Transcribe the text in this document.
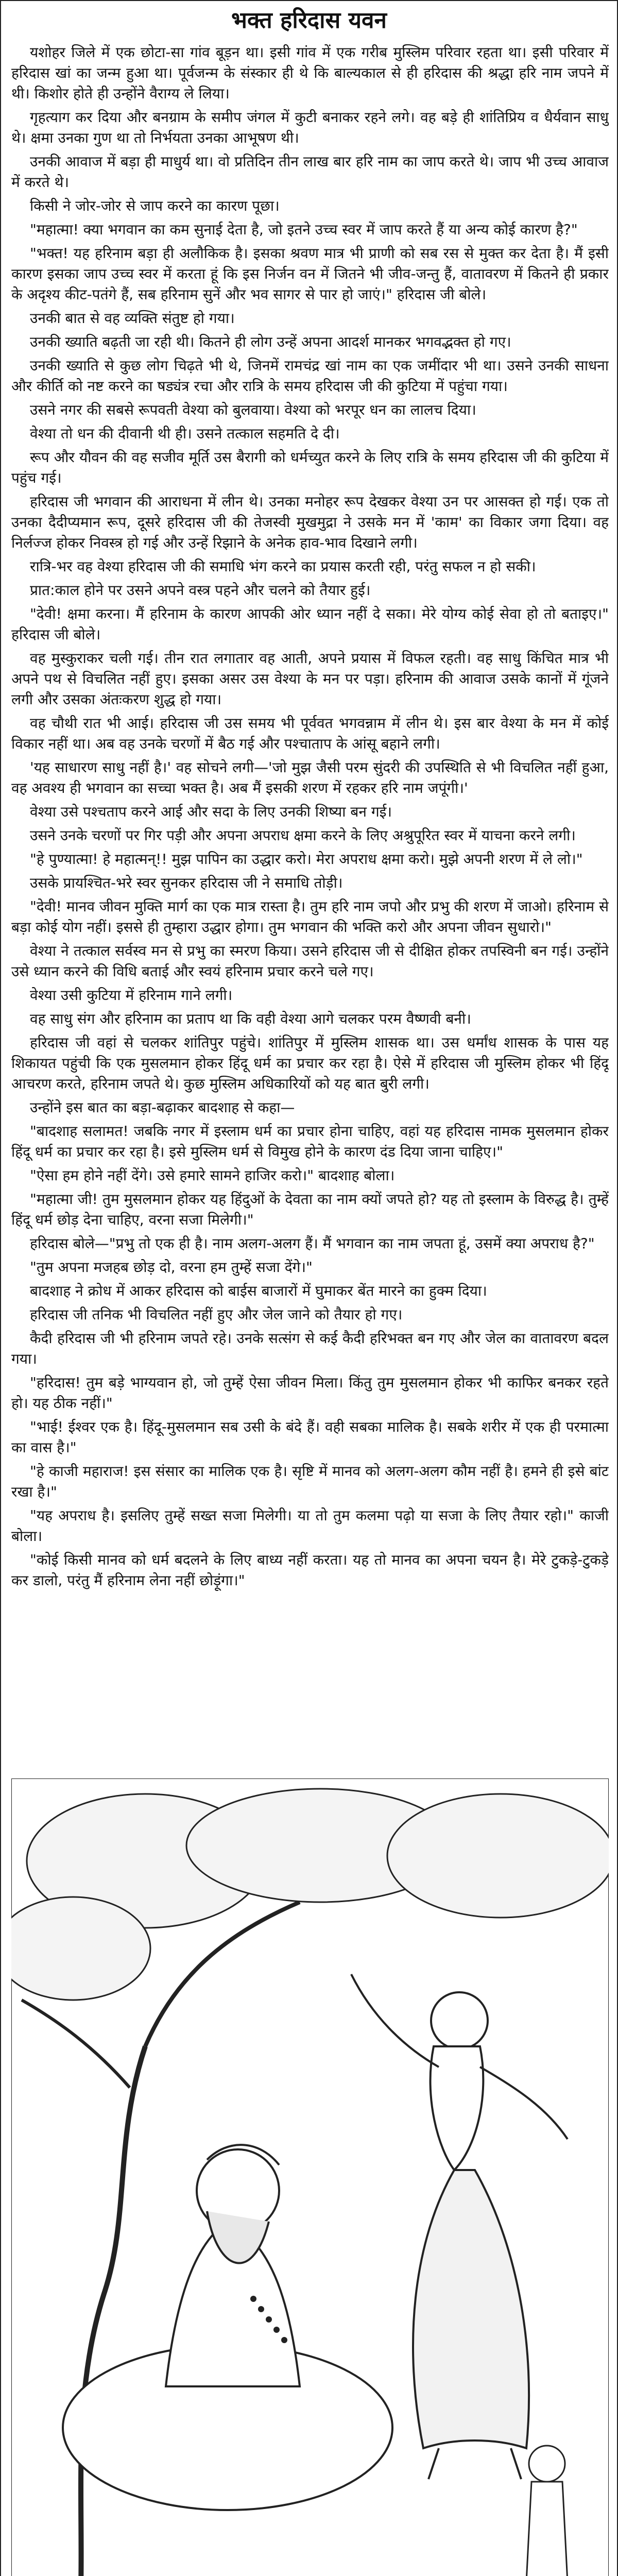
भक्त हरिदास यवन

यशोहर जिले में एक छोटा-सा गांव बूड़न था। इसी गांव में एक गरीब मुस्लिम परिवार रहता था। इसी परिवार में हरिदास खां का जन्म हुआ था। पूर्वजन्म के संस्कार ही थे कि बाल्यकाल से ही हरिदास की श्रद्धा हरि नाम जपने में थी। किशोर होते ही उन्होंने वैराग्य ले लिया।

गृहत्याग कर दिया और बनग्राम के समीप जंगल में कुटी बनाकर रहने लगे। वह बड़े ही शांतिप्रिय व धैर्यवान साधु थे। क्षमा उनका गुण था तो निर्भयता उनका आभूषण थी।

उनकी आवाज में बड़ा ही माधुर्य था। वो प्रतिदिन तीन लाख बार हरि नाम का जाप करते थे। जाप भी उच्च आवाज में करते थे।

किसी ने जोर-जोर से जाप करने का कारण पूछा।

"महात्मा! क्या भगवान का कम सुनाई देता है, जो इतने उच्च स्वर में जाप करते हैं या अन्य कोई कारण है?"

"भक्त! यह हरिनाम बड़ा ही अलौकिक है। इसका श्रवण मात्र भी प्राणी को सब रस से मुक्त कर देता है। मैं इसी कारण इसका जाप उच्च स्वर में करता हूं कि इस निर्जन वन में जितने भी जीव-जन्तु हैं, वातावरण में कितने ही प्रकार के अदृश्य कीट-पतंगे हैं, सब हरिनाम सुनें और भव सागर से पार हो जाएं।" हरिदास जी बोले।

उनकी बात से वह व्यक्ति संतुष्ट हो गया।

उनकी ख्याति बढ़ती जा रही थी। कितने ही लोग उन्हें अपना आदर्श मानकर भगवद्भक्त हो गए।

उनकी ख्याति से कुछ लोग चिढ़ते भी थे, जिनमें रामचंद्र खां नाम का एक जमींदार भी था। उसने उनकी साधना और कीर्ति को नष्ट करने का षड्यंत्र रचा और रात्रि के समय हरिदास जी की कुटिया में पहुंचा गया।

उसने नगर की सबसे रूपवती वेश्या को बुलवाया। वेश्या को भरपूर धन का लालच दिया।

वेश्या तो धन की दीवानी थी ही। उसने तत्काल सहमति दे दी।

रूप और यौवन की वह सजीव मूर्ति उस बैरागी को धर्मच्युत करने के लिए रात्रि के समय हरिदास जी की कुटिया में पहुंच गई।

हरिदास जी भगवान की आराधना में लीन थे। उनका मनोहर रूप देखकर वेश्या उन पर आसक्त हो गई। एक तो उनका दैदीप्यमान रूप, दूसरे हरिदास जी की तेजस्वी मुखमुद्रा ने उसके मन में 'काम' का विकार जगा दिया। वह निर्लज्ज होकर निवस्त्र हो गई और उन्हें रिझाने के अनेक हाव-भाव दिखाने लगी।

रात्रि-भर वह वेश्या हरिदास जी की समाधि भंग करने का प्रयास करती रही, परंतु सफल न हो सकी।

प्रात:काल होने पर उसने अपने वस्त्र पहने और चलने को तैयार हुई।

"देवी! क्षमा करना। मैं हरिनाम के कारण आपकी ओर ध्यान नहीं दे सका। मेरे योग्य कोई सेवा हो तो बताइए।" हरिदास जी बोले।

वह मुस्कुराकर चली गई। तीन रात लगातार वह आती, अपने प्रयास में विफल रहती। वह साधु किंचित मात्र भी अपने पथ से विचलित नहीं हुए। इसका असर उस वेश्या के मन पर पड़ा। हरिनाम की आवाज उसके कानों में गूंजने लगी और उसका अंतःकरण शुद्ध हो गया।

वह चौथी रात भी आई। हरिदास जी उस समय भी पूर्ववत भगवन्नाम में लीन थे। इस बार वेश्या के मन में कोई विकार नहीं था। अब वह उनके चरणों में बैठ गई और पश्चाताप के आंसू बहाने लगी।

'यह साधारण साधु नहीं है।' वह सोचने लगी—'जो मुझ जैसी परम सुंदरी की उपस्थिति से भी विचलित नहीं हुआ, वह अवश्य ही भगवान का सच्चा भक्त है। अब मैं इसकी शरण में रहकर हरि नाम जपूंगी।'

वेश्या उसे पश्चताप करने आई और सदा के लिए उनकी शिष्या बन गई।

उसने उनके चरणों पर गिर पड़ी और अपना अपराध क्षमा करने के लिए अश्रुपूरित स्वर में याचना करने लगी।

"हे पुण्यात्मा! हे महात्मन्!! मुझ पापिन का उद्धार करो। मेरा अपराध क्षमा करो। मुझे अपनी शरण में ले लो।"

उसके प्रायश्चित-भरे स्वर सुनकर हरिदास जी ने समाधि तोड़ी।

"देवी! मानव जीवन मुक्ति मार्ग का एक मात्र रास्ता है। तुम हरि नाम जपो और प्रभु की शरण में जाओ। हरिनाम से बड़ा कोई योग नहीं। इससे ही तुम्हारा उद्धार होगा। तुम भगवान की भक्ति करो और अपना जीवन सुधारो।"

वेश्या ने तत्काल सर्वस्व मन से प्रभु का स्मरण किया। उसने हरिदास जी से दीक्षित होकर तपस्विनी बन गई। उन्होंने उसे ध्यान करने की विधि बताई और स्वयं हरिनाम प्रचार करने चले गए।

वेश्या उसी कुटिया में हरिनाम गाने लगी।

वह साधु संग और हरिनाम का प्रताप था कि वही वेश्या आगे चलकर परम वैष्णवी बनी।

हरिदास जी वहां से चलकर शांतिपुर पहुंचे। शांतिपुर में मुस्लिम शासक था। उस धर्मांध शासक के पास यह शिकायत पहुंची कि एक मुसलमान होकर हिंदू धर्म का प्रचार कर रहा है। ऐसे में हरिदास जी मुस्लिम होकर भी हिंदू आचरण करते, हरिनाम जपते थे। कुछ मुस्लिम अधिकारियों को यह बात बुरी लगी।

उन्होंने इस बात का बड़ा-बढ़ाकर बादशाह से कहा—

"बादशाह सलामत! जबकि नगर में इस्लाम धर्म का प्रचार होना चाहिए, वहां यह हरिदास नामक मुसलमान होकर हिंदू धर्म का प्रचार कर रहा है। इसे मुस्लिम धर्म से विमुख होने के कारण दंड दिया जाना चाहिए।"

"ऐसा हम होने नहीं देंगे। उसे हमारे सामने हाजिर करो।" बादशाह बोला।

"महात्मा जी! तुम मुसलमान होकर यह हिंदुओं के देवता का नाम क्यों जपते हो? यह तो इस्लाम के विरुद्ध है। तुम्हें हिंदू धर्म छोड़ देना चाहिए, वरना सजा मिलेगी।"

हरिदास बोले—"प्रभु तो एक ही है। नाम अलग-अलग हैं। मैं भगवान का नाम जपता हूं, उसमें क्या अपराध है?"

"तुम अपना मजहब छोड़ दो, वरना हम तुम्हें सजा देंगे।"

बादशाह ने क्रोध में आकर हरिदास को बाईस बाजारों में घुमाकर बेंत मारने का हुक्म दिया।

हरिदास जी तनिक भी विचलित नहीं हुए और जेल जाने को तैयार हो गए।

कैदी हरिदास जी भी हरिनाम जपते रहे। उनके सत्संग से कई कैदी हरिभक्त बन गए और जेल का वातावरण बदल गया।

"हरिदास! तुम बड़े भाग्यवान हो, जो तुम्हें ऐसा जीवन मिला। किंतु तुम मुसलमान होकर भी काफिर बनकर रहते हो। यह ठीक नहीं।"

"भाई! ईश्वर एक है। हिंदू-मुसलमान सब उसी के बंदे हैं। वही सबका मालिक है। सबके शरीर में एक ही परमात्मा का वास है।"

"हे काजी महाराज! इस संसार का मालिक एक है। सृष्टि में मानव को अलग-अलग कौम नहीं है। हमने ही इसे बांट रखा है।"

"यह अपराध है। इसलिए तुम्हें सख्त सजा मिलेगी। या तो तुम कलमा पढ़ो या सजा के लिए तैयार रहो।" काजी बोला।

"कोई किसी मानव को धर्म बदलने के लिए बाध्य नहीं करता। यह तो मानव का अपना चयन है। मेरे टुकड़े-टुकड़े कर डालो, परंतु मैं हरिनाम लेना नहीं छोड़ूंगा।"
